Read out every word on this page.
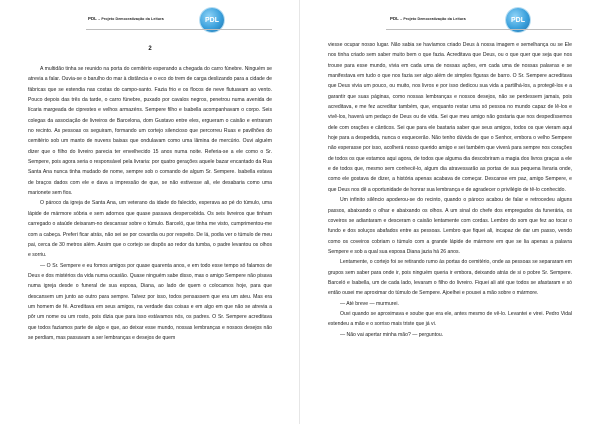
PDL – Projeto Democratização da Leitura	PDL
2

A multidão tinha se reunido na porta do cemitério esperando a chegada do carro fúnebre. Ninguém se atrevia a falar. Ouvia-se o barulho do mar à distância e o eco do trem de carga deslizando para a cidade de fábricas que se estendia nas costas do campo-santo. Fazia frio e os flocos de neve flutuavam ao vento. Pouco depois das três da tarde, o carro fúnebre, puxado por cavalos negros, penetrou numa avenida de lícaria margeada de ciprestes e velhos armazéns. Sempere filho e Isabella acompanhavam o corpo. Seis colegas da associação de livreiros de Barcelona, dom Gustavo entre eles, ergueram o caixão e entraram no recinto. As pessoas os seguiram, formando um cortejo silencioso que percorreu Ruas e pavilhões do cemitério sob um manto de nuvens baixas que ondulavam como uma lâmina de mercúrio. Ouvi alguém dizer que o filho do livreiro parecia ter envelhecido 15 anos numa noite. Referia-se a ele como o Sr. Sempere, pois agora seria o responsável pela livraria: por quatro gerações aquele bazar encantado da Rua Santa Ana nunca tinha mudado de nome, sempre sob o comando de algum Sr. Sempere. Isabella estava de braços dados com ele e dava a impressão de que, se não estivesse ali, ele desabaria como uma marionete sem fios.

O pároco da igreja de Santa Ana, um veterano da idade do falecido, esperava ao pé do túmulo, uma lápide de mármore sóbria e sem adornos que quase passava despercebida. Os seis livreiros que tinham carregado o ataúde deixaram-no descansar sobre o túmulo. Barceló, que tinha me visto, cumprimentou-me com a cabeça. Preferi ficar atrás, não sei se por covardia ou por respeito. De lá, podia ver o túmulo de meu pai, cerca de 30 metros além. Assim que o cortejo se dispôs ao redor da tumba, o padre levantou os olhos e sorriu.

— O Sr. Sempere e eu fomos amigos por quase quarenta anos, e em todo esse tempo só falamos de Deus e dos mistérios da vida numa ocasião. Quase ninguém sabe disso, mas o amigo Sempere não pisava numa igreja desde o funeral de sua esposa, Diana, ao lado de quem o colocamos hoje, para que descansem um junto ao outro para sempre. Talvez por isso, todos pensassem que era um ateu. Mas era um homem de fé. Acreditava em seus amigos, na verdade das coisas e em algo em que não se atrevia a pôr um nome ou um rosto, pois dizia que para isso estávamos nós, os padres. O Sr. Sempere acreditava que todos faziamos parte de algo e que, ao deixar esse mundo, nossas lembranças e nossos desejos não se perdiam, mas passavam a ser lembranças e desejos de quem

PDL – Projeto Democratização da Leitura	PDL

viesse ocupar nosso lugar. Não sabia se havíamos criado Deus à nossa imagem e semelhança ou se Ele nos tinha criado sem saber muito bem o que fazia. Acreditava que Deus, ou o que quer que seja que nos trouxe para esse mundo, vivia em cada uma de nossas ações, em cada uma de nossas palavras e se manifestava em tudo o que nos fazia ser algo além de simples figuras de barro. O Sr. Sempere acreditava que Deus vivia um pouco, ou muito, nos livros e por isso dedicou sua vida a partilhá-los, a protegê-los e a garantir que suas páginas, como nossas lembranças e nossos desejos, não se perdessem jamais, pois acreditava, e me fez acreditar também, que, enquanto restar uma só pessoa no mundo capaz de lê-los e vivê-los, haverá um pedaço de Deus ou de vida. Sei que meu amigo não gostaria que nos despedíssemos dele com orações e cânticos. Sei que para ele bastaria saber que seus amigos, todos os que vieram aqui hoje para a despedida, nunca o esquecerão. Não tenho dúvida de que o Senhor, embora o velho Sempere não esperasse por isso, acolherá nosso querido amigo e sei também que viverá para sempre nos corações de todos os que estamos aqui agora, de todos que alguma dia descobriram a magia dos livros graças a ele e de todos que, mesmo sem conhecê-lo, algum dia atravessarão as portas de sua pequena livraria onde, como ele gostava de dizer, a história apenas acabava de começar. Descanse em paz, amigo Sempere, e que Deus nos dê a oportunidade de honrar sua lembrança e de agradecer o privilégio de tê-lo conhecido.

Um infinito silêncio apoderou-se do recinto, quando o pároco acabou de falar e retrocedeu alguns passos, abaixando o olhar e abaixando os olhos. A um sinal do chefe dos empregados da funerária, os coveiros se adiantaram e desceram o caixão lentamente com cordas. Lembro do som que fez ao tocar o fundo e dos soluços abafados entre as pessoas. Lembro que fiquei ali, incapaz de dar um passo, vendo como os coveiros cobriam o túmulo com a grande lápide de mármore em que se lia apenas a palavra Sempere e sob a qual sua esposa Diana jazia há 26 anos.

Lentamente, o cortejo foi se retirando rumo às portas do cemitério, onde as pessoas se separaram em grupos sem saber para onde ir, pois ninguém queria ir embora, deixando atrás de si o pobre Sr. Sempere. Barceló e Isabella, um de cada lado, levaram o filho do livreiro. Fiquei ali até que todos se afastaram e só então ousei me aproximar do túmulo de Sempere. Ajoelhei e pousei a mão sobre o mármore.

— Até breve — murmurei.

Ouvi quando se aproximava e soube que era ele, antes mesmo de vê-lo. Levantei e virei. Pedro Vidal estendeu a mão e o sorriso mais triste que já vi.

— Não vai apertar minha mão? — perguntou.
